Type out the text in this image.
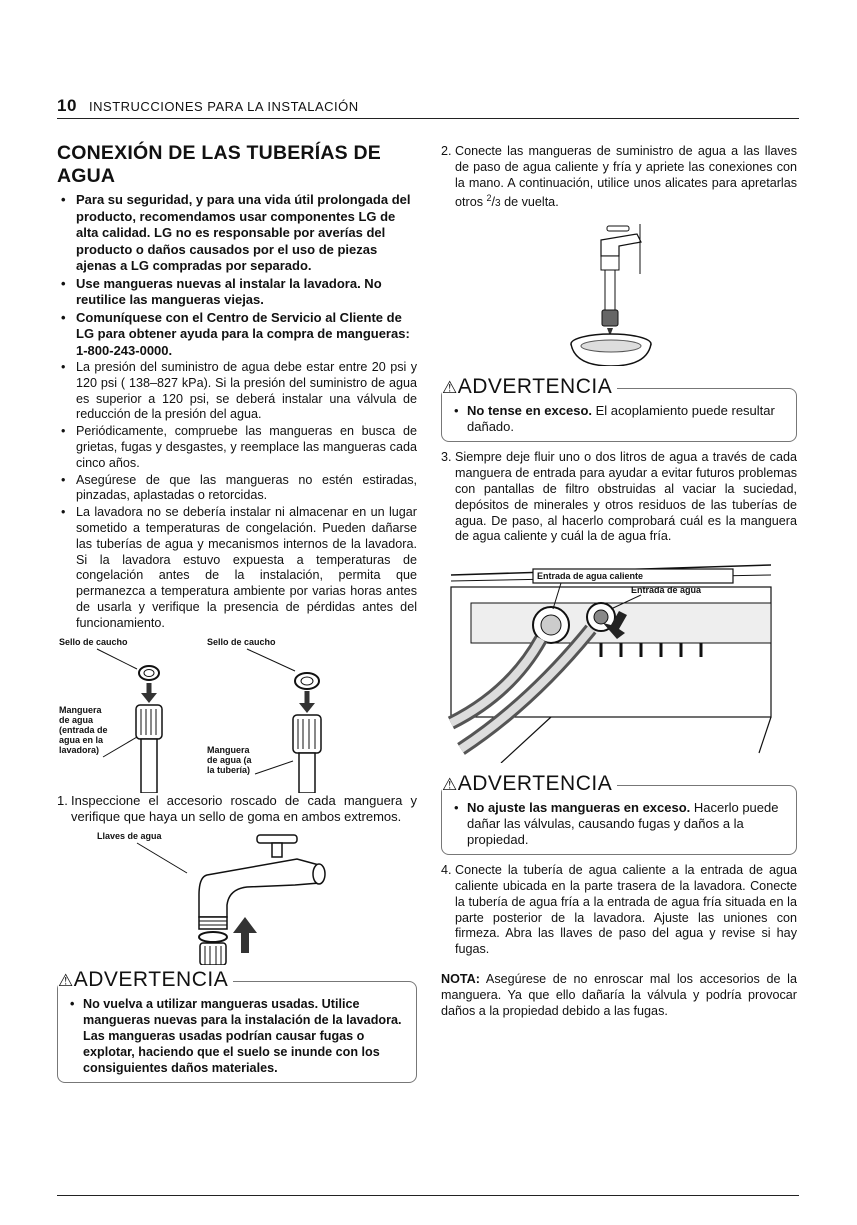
10 INSTRUCCIONES PARA LA INSTALACIÓN
CONEXIÓN DE LAS TUBERÍAS DE AGUA
• Para su seguridad, y para una vida útil prolongada del producto, recomendamos usar componentes LG de alta calidad. LG no es responsable por averías del producto o daños causados por el uso de piezas ajenas a LG compradas por separado.
• Use mangueras nuevas al instalar la lavadora. No reutilice las mangueras viejas.
• Comuníquese con el Centro de Servicio al Cliente de LG para obtener ayuda para la compra de mangueras: 1-800-243-0000.
• La presión del suministro de agua debe estar entre 20 psi y 120 psi ( 138–827 kPa). Si la presión del suministro de agua es superior a 120 psi, se deberá instalar una válvula de reducción de la presión del agua.
• Periódicamente, compruebe las mangueras en busca de grietas, fugas y desgastes, y reemplace las mangueras cada cinco años.
• Asegúrese de que las mangueras no estén estiradas, pinzadas, aplastadas o retorcidas.
• La lavadora no se debería instalar ni almacenar en un lugar sometido a temperaturas de congelación. Pueden dañarse las tuberías de agua y mecanismos internos de la lavadora. Si la lavadora estuvo expuesta a temperaturas de congelación antes de la instalación, permita que permanezca a temperatura ambiente por varias horas antes de usarla y verifique la presencia de pérdidas antes del funcionamiento.
Sello de caucho	Sello de caucho
Manguera de agua (entrada de agua en la lavadora)	Manguera de agua (a la tubería)
1. Inspeccione el accesorio roscado de cada manguera y verifique que haya un sello de goma en ambos extremos.
Llaves de agua
⚠ADVERTENCIA
• No vuelva a utilizar mangueras usadas. Utilice mangueras nuevas para la instalación de la lavadora. Las mangueras usadas podrían causar fugas o explotar, haciendo que el suelo se inunde con los consiguientes daños materiales.
2. Conecte las mangueras de suministro de agua a las llaves de paso de agua caliente y fría y apriete las conexiones con la mano. A continuación, utilice unos alicates para apretarlas otros $^2$/3 de vuelta.
⚠ADVERTENCIA
• No tense en exceso. El acoplamiento puede resultar dañado.
3. Siempre deje fluir uno o dos litros de agua a través de cada manguera de entrada para ayudar a evitar futuros problemas con pantallas de filtro obstruidas al vaciar la suciedad, depósitos de minerales y otros residuos de las tuberías de agua. De paso, al hacerlo comprobará cuál es la manguera de agua caliente y cuál la de agua fría.
Entrada de agua caliente
Entrada de agua
⚠ADVERTENCIA
• No ajuste las mangueras en exceso. Hacerlo puede dañar las válvulas, causando fugas y daños a la propiedad.
4. Conecte la tubería de agua caliente a la entrada de agua caliente ubicada en la parte trasera de la lavadora. Conecte la tubería de agua fría a la entrada de agua fría situada en la parte posterior de la lavadora. Ajuste las uniones con firmeza. Abra las llaves de paso del agua y revise si hay fugas.

NOTA: Asegúrese de no enroscar mal los accesorios de la manguera. Ya que ello dañaría la válvula y podría provocar daños a la propiedad debido a las fugas.
